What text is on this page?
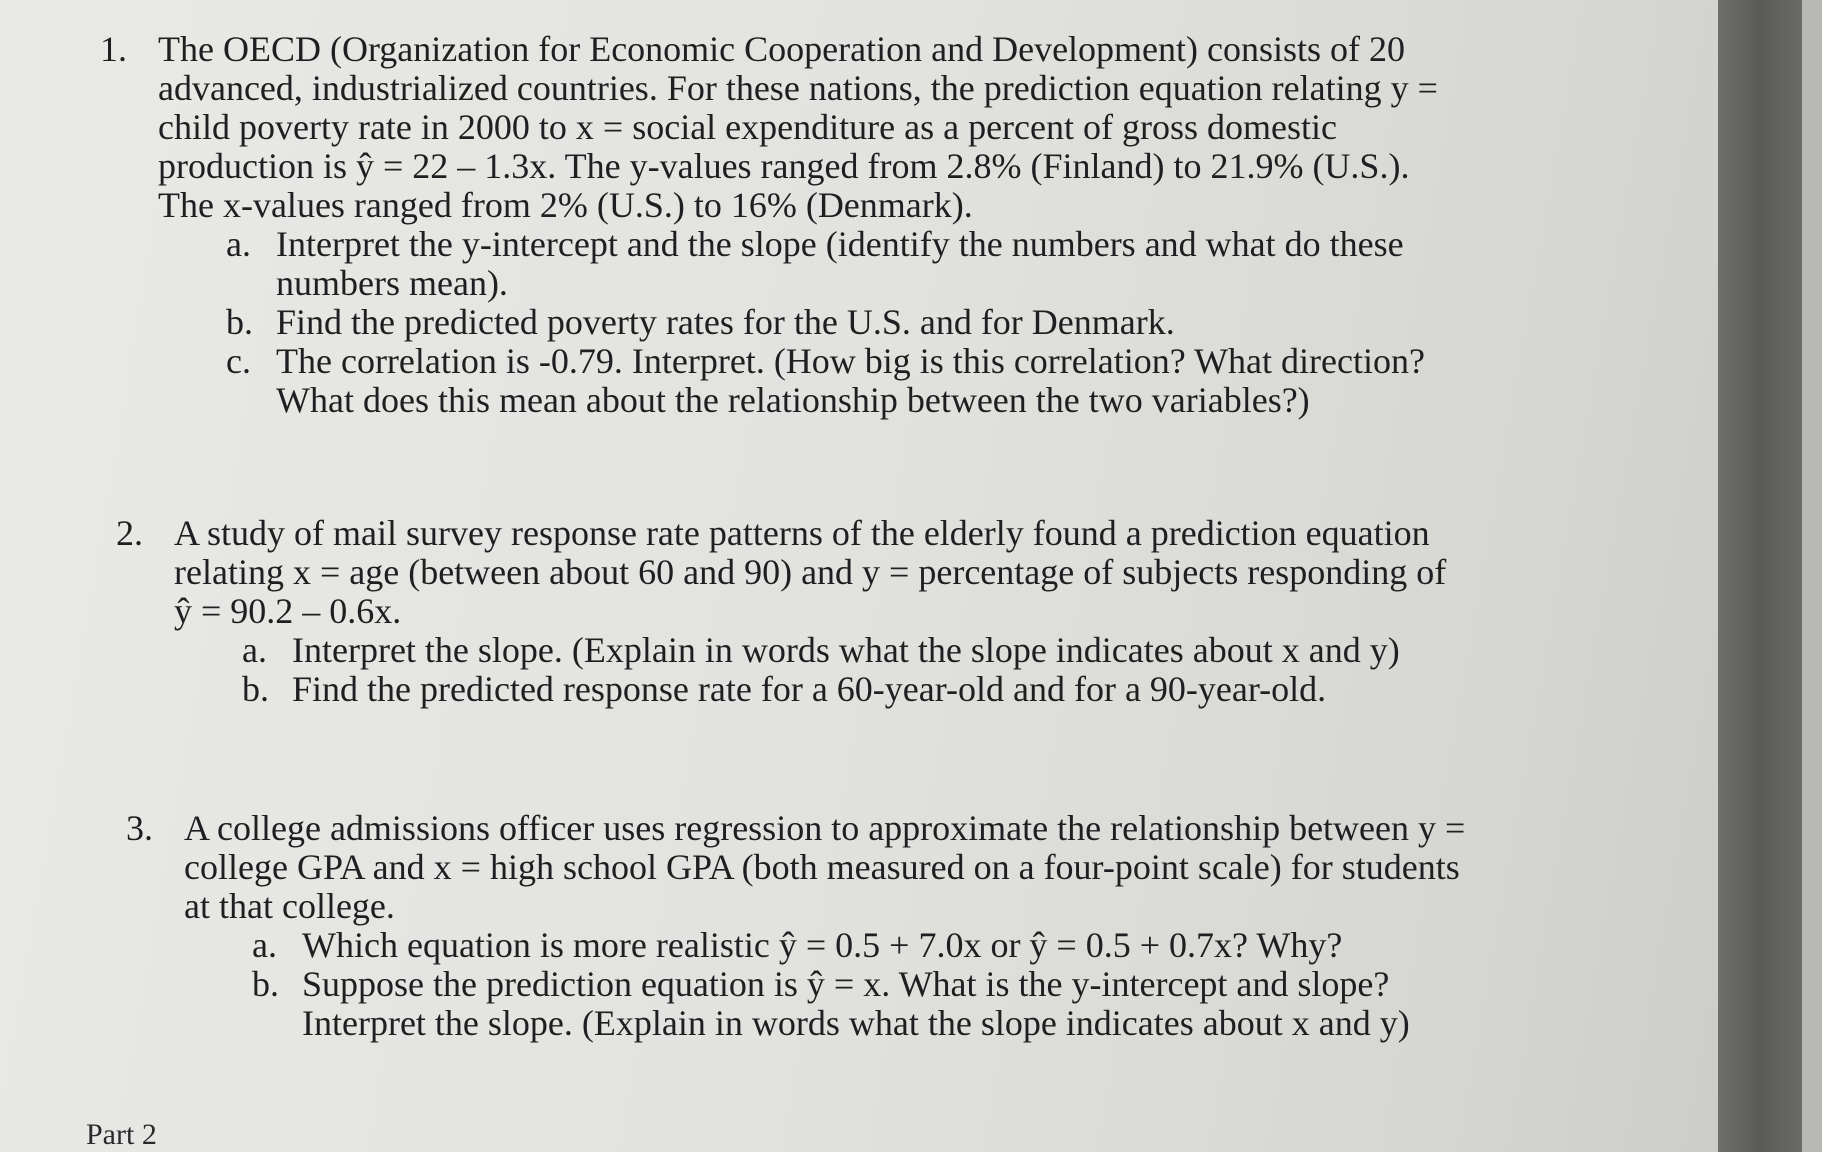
1. The OECD (Organization for Economic Cooperation and Development) consists of 20

advanced, industrialized countries. For these nations, the prediction equation relating y =

child poverty rate in 2000 to x = social expenditure as a percent of gross domestic

production is ŷ = 22 – 1.3x. The y-values ranged from 2.8% (Finland) to 21.9% (U.S.).

The x-values ranged from 2% (U.S.) to 16% (Denmark).

a. Interpret the y-intercept and the slope (identify the numbers and what do these

numbers mean).

b. Find the predicted poverty rates for the U.S. and for Denmark.

c. The correlation is -0.79. Interpret. (How big is this correlation? What direction?

What does this mean about the relationship between the two variables?)

2. A study of mail survey response rate patterns of the elderly found a prediction equation

relating x = age (between about 60 and 90) and y = percentage of subjects responding of

ŷ = 90.2 – 0.6x.

a. Interpret the slope. (Explain in words what the slope indicates about x and y)

b. Find the predicted response rate for a 60-year-old and for a 90-year-old.

3. A college admissions officer uses regression to approximate the relationship between y =

college GPA and x = high school GPA (both measured on a four-point scale) for students

at that college.

a. Which equation is more realistic ŷ = 0.5 + 7.0x or ŷ = 0.5 + 0.7x? Why?

b. Suppose the prediction equation is ŷ = x. What is the y-intercept and slope?

Interpret the slope. (Explain in words what the slope indicates about x and y)

Part 2
